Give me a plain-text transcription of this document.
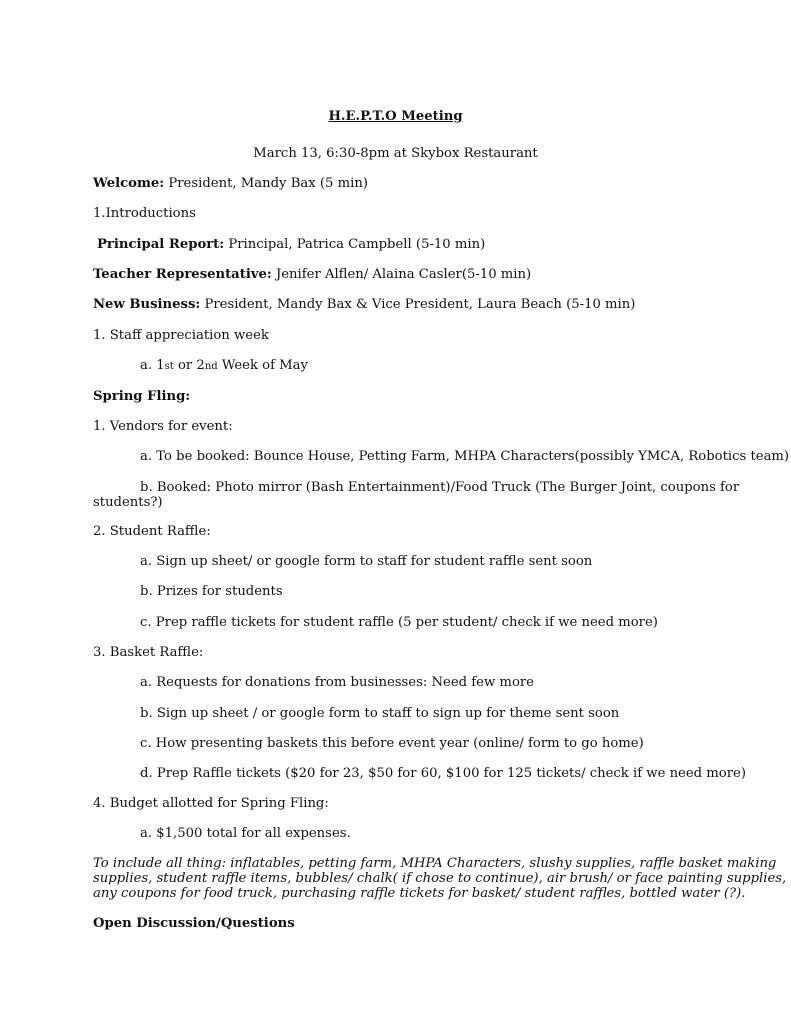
H.E.P.T.O Meeting
March 13, 6:30-8pm at Skybox Restaurant
Welcome: President, Mandy Bax (5 min)
1.Introductions
Principal Report: Principal, Patrica Campbell (5-10 min)
Teacher Representative: Jenifer Alflen/ Alaina Casler(5-10 min)
New Business: President, Mandy Bax & Vice President, Laura Beach (5-10 min)
1. Staff appreciation week
a. 1st or 2nd Week of May
Spring Fling:
1. Vendors for event:
a. To be booked: Bounce House, Petting Farm, MHPA Characters(possibly YMCA, Robotics team)
b. Booked: Photo mirror (Bash Entertainment)/Food Truck (The Burger Joint, coupons for
students?)
2. Student Raffle:
a. Sign up sheet/ or google form to staff for student raffle sent soon
b. Prizes for students
c. Prep raffle tickets for student raffle (5 per student/ check if we need more)
3. Basket Raffle:
a. Requests for donations from businesses: Need few more
b. Sign up sheet / or google form to staff to sign up for theme sent soon
c. How presenting baskets this before event year (online/ form to go home)
d. Prep Raffle tickets ($20 for 23, $50 for 60, $100 for 125 tickets/ check if we need more)
4. Budget allotted for Spring Fling:
a. $1,500 total for all expenses.
To include all thing: inflatables, petting farm, MHPA Characters, slushy supplies, raffle basket making
supplies, student raffle items, bubbles/ chalk( if chose to continue), air brush/ or face painting supplies,
any coupons for food truck, purchasing raffle tickets for basket/ student raffles, bottled water (?).
Open Discussion/Questions
